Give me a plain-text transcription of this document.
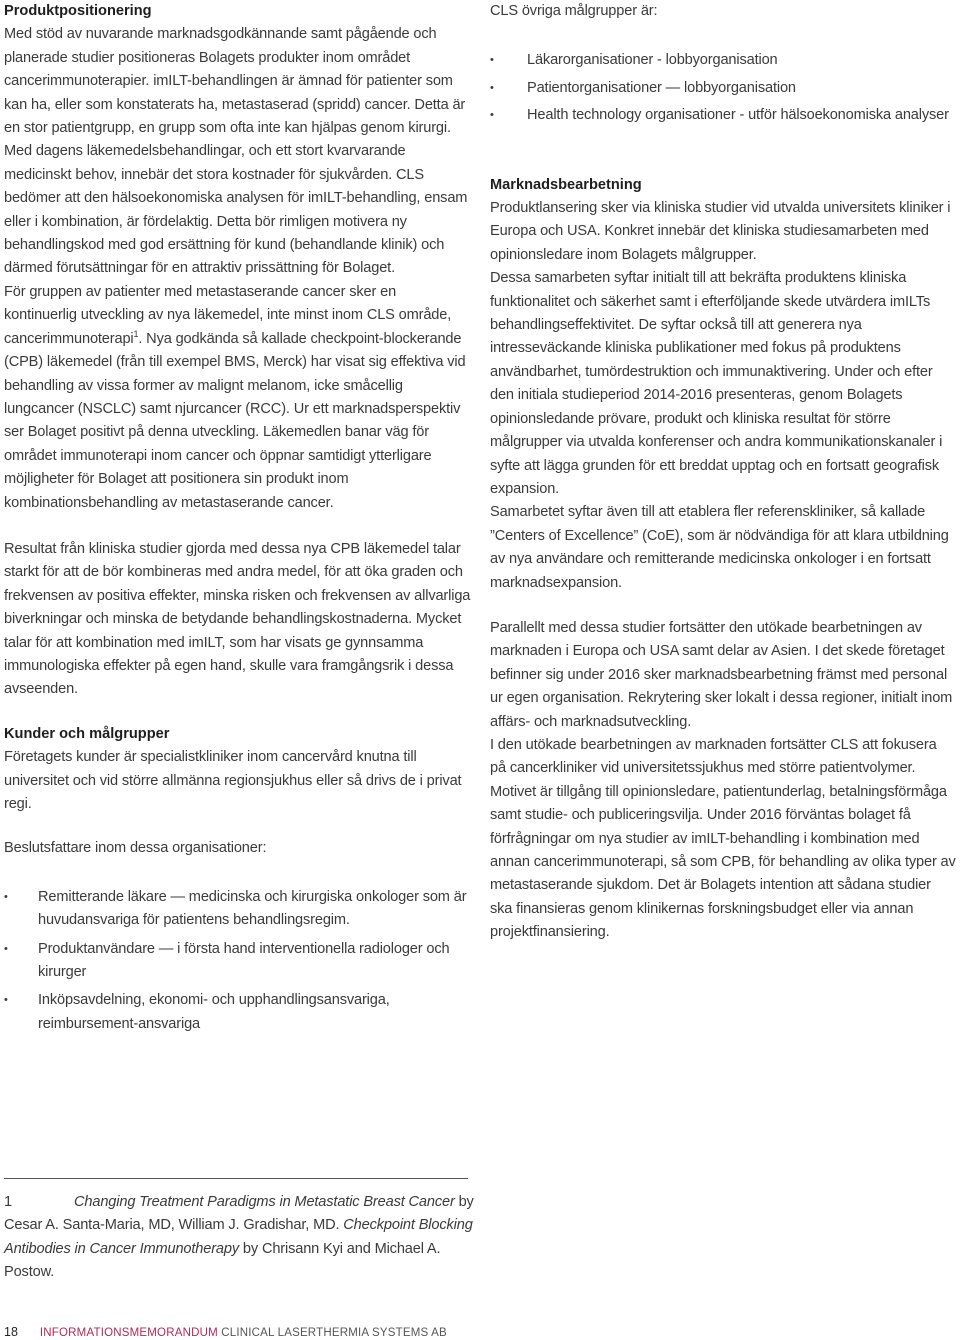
Produktpositionering

Med stöd av nuvarande marknadsgodkännande samt pågående och planerade studier positioneras Bolagets produkter inom området cancerimmunoterapier. imILT-behandlingen är ämnad för patienter som kan ha, eller som konstaterats ha, metastaserad (spridd) cancer. Detta är en stor patientgrupp, en grupp som ofta inte kan hjälpas genom kirurgi. Med dagens läkemedelsbehandlingar, och ett stort kvarvarande medicinskt behov, innebär det stora kostnader för sjukvården. CLS bedömer att den hälsoekonomiska analysen för imILT-behandling, ensam eller i kombination, är fördelaktig. Detta bör rimligen motivera ny behandlingskod med god ersättning för kund (behandlande klinik) och därmed förutsättningar för en attraktiv prissättning för Bolaget.

För gruppen av patienter med metastaserande cancer sker en kontinuerlig utveckling av nya läkemedel, inte minst inom CLS område, cancerimmunoterapi$^1$. Nya godkända så kallade checkpoint-blockerande (CPB) läkemedel (från till exempel BMS, Merck) har visat sig effektiva vid behandling av vissa former av malignt melanom, icke småcellig lungcancer (NSCLC) samt njurcancer (RCC). Ur ett marknadsperspektiv ser Bolaget positivt på denna utveckling. Läkemedlen banar väg för området immunoterapi inom cancer och öppnar samtidigt ytterligare möjligheter för Bolaget att positionera sin produkt inom kombinationsbehandling av metastaserande cancer.

Resultat från kliniska studier gjorda med dessa nya CPB läkemedel talar starkt för att de bör kombineras med andra medel, för att öka graden och frekvensen av positiva effekter, minska risken och frekvensen av allvarliga biverkningar och minska de betydande behandlingskostnaderna. Mycket talar för att kombination med imILT, som har visats ge gynnsamma immunologiska effekter på egen hand, skulle vara framgångsrik i dessa avseenden.

Kunder och målgrupper

Företagets kunder är specialistkliniker inom cancervård knutna till universitet och vid större allmänna regionsjukhus eller så drivs de i privat regi.

Beslutsfattare inom dessa organisationer:

• Remitterande läkare — medicinska och kirurgiska onkologer som är huvudansvariga för patientens behandlingsregim.
• Produktanvändare — i första hand interventionella radiologer och kirurger
• Inköpsavdelning, ekonomi- och upphandlingsansvariga, reimbursement-ansvariga

CLS övriga målgrupper är:

• Läkarorganisationer - lobbyorganisation
• Patientorganisationer — lobbyorganisation
• Health technology organisationer - utför hälsoekonomiska analyser
Marknadsbearbetning

Produktlansering sker via kliniska studier vid utvalda universitets kliniker i Europa och USA. Konkret innebär det kliniska studiesamarbeten med opinionsledare inom Bolagets målgrupper.

Dessa samarbeten syftar initialt till att bekräfta produktens kliniska funktionalitet och säkerhet samt i efterföljande skede utvärdera imILTs behandlingseffektivitet. De syftar också till att generera nya intresseväckande kliniska publikationer med fokus på produktens användbarhet, tumördestruktion och immunaktivering. Under och efter den initiala studieperiod 2014-2016 presenteras, genom Bolagets opinionsledande prövare, produkt och kliniska resultat för större målgrupper via utvalda konferenser och andra kommunikationskanaler i syfte att lägga grunden för ett breddat upptag och en fortsatt geografisk expansion.

Samarbetet syftar även till att etablera fler referenskliniker, så kallade ”Centers of Excellence” (CoE), som är nödvändiga för att klara utbildning av nya användare och remitterande medicinska onkologer i en fortsatt marknadsexpansion.

Parallellt med dessa studier fortsätter den utökade bearbetningen av marknaden i Europa och USA samt delar av Asien. I det skede företaget befinner sig under 2016 sker marknadsbearbetning främst med personal ur egen organisation. Rekrytering sker lokalt i dessa regioner, initialt inom affärs- och marknadsutveckling.

I den utökade bearbetningen av marknaden fortsätter CLS att fokusera på cancerkliniker vid universitetssjukhus med större patientvolymer. Motivet är tillgång till opinionsledare, patientunderlag, betalningsförmåga samt studie- och publiceringsvilja. Under 2016 förväntas bolaget få förfrågningar om nya studier av imILT-behandling i kombination med annan cancerimmunoterapi, så som CPB, för behandling av olika typer av metastaserande sjukdom. Det är Bolagets intention att sådana studier ska finansieras genom klinikernas forskningsbudget eller via annan projektfinansiering.

1	Changing Treatment Paradigms in Metastatic Breast Cancer by Cesar A. Santa-Maria, MD, William J. Gradishar, MD. Checkpoint Blocking Antibodies in Cancer Immunotherapy by Chrisann Kyi and Michael A. Postow.
18 INFORMATIONSMEMORANDUM CLINICAL LASERTHERMIA SYSTEMS AB
